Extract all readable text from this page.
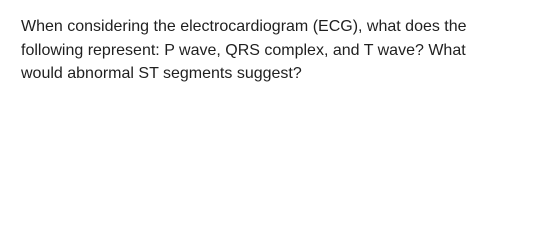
When considering the electrocardiogram (ECG), what does the
following represent: P wave, QRS complex, and T wave? What
would abnormal ST segments suggest?
